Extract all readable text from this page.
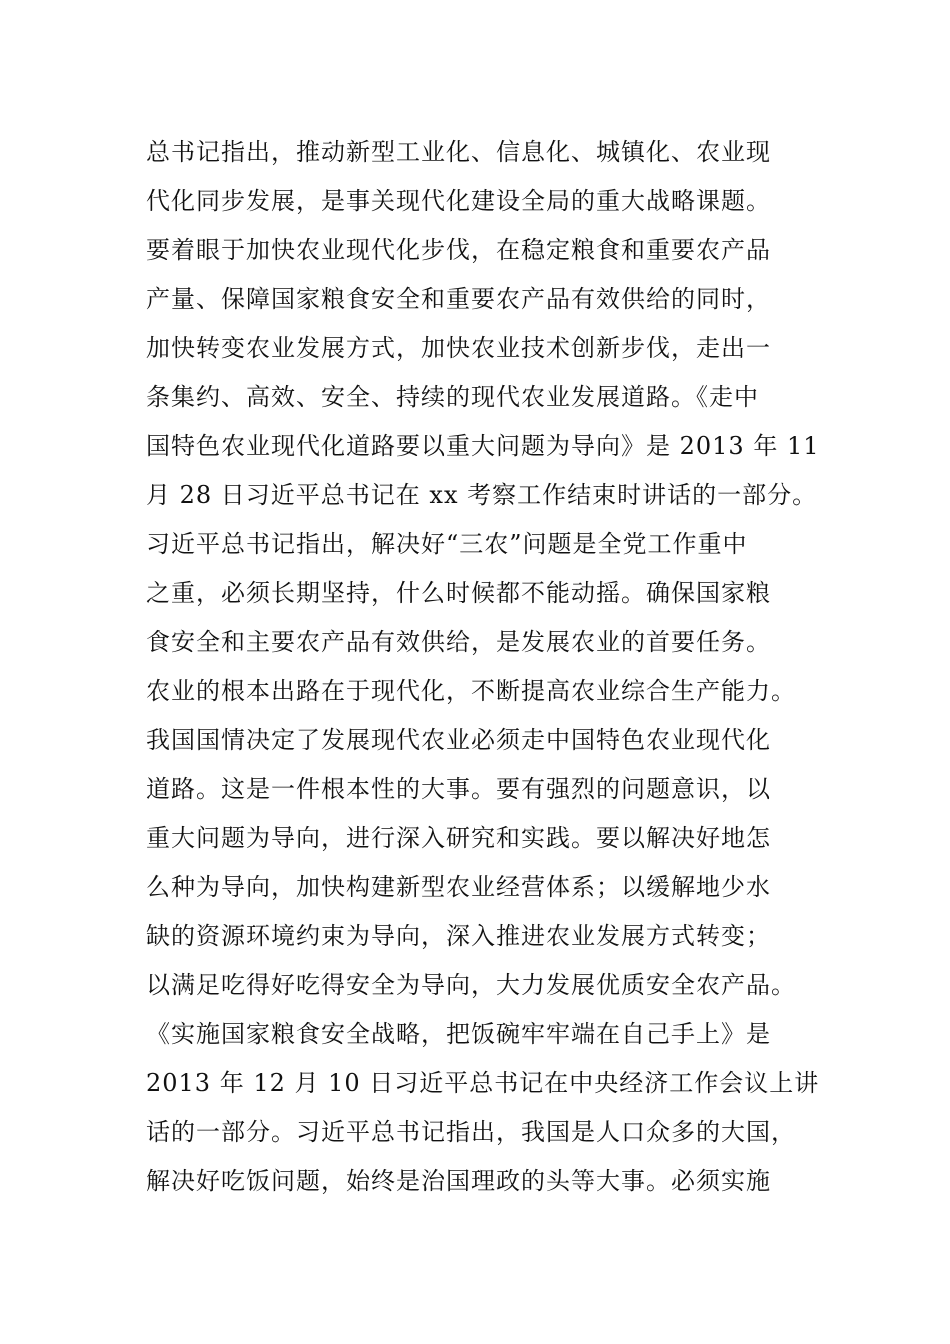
总书记指出，推动新型工业化、信息化、城镇化、农业现
代化同步发展，是事关现代化建设全局的重大战略课题。
要着眼于加快农业现代化步伐，在稳定粮食和重要农产品
产量、保障国家粮食安全和重要农产品有效供给的同时，
加快转变农业发展方式，加快农业技术创新步伐，走出一
条集约、高效、安全、持续的现代农业发展道路。《走中
国特色农业现代化道路要以重大问题为导向》是 2013 年 11
月 28 日习近平总书记在 xx 考察工作结束时讲话的一部分。
习近平总书记指出，解决好“三农”问题是全党工作重中
之重，必须长期坚持，什么时候都不能动摇。确保国家粮
食安全和主要农产品有效供给，是发展农业的首要任务。
农业的根本出路在于现代化，不断提高农业综合生产能力。
我国国情决定了发展现代农业必须走中国特色农业现代化
道路。这是一件根本性的大事。要有强烈的问题意识，以
重大问题为导向，进行深入研究和实践。要以解决好地怎
么种为导向，加快构建新型农业经营体系；以缓解地少水
缺的资源环境约束为导向，深入推进农业发展方式转变；
以满足吃得好吃得安全为导向，大力发展优质安全农产品。
《实施国家粮食安全战略，把饭碗牢牢端在自己手上》是
2013 年 12 月 10 日习近平总书记在中央经济工作会议上讲
话的一部分。习近平总书记指出，我国是人口众多的大国，
解决好吃饭问题，始终是治国理政的头等大事。必须实施
